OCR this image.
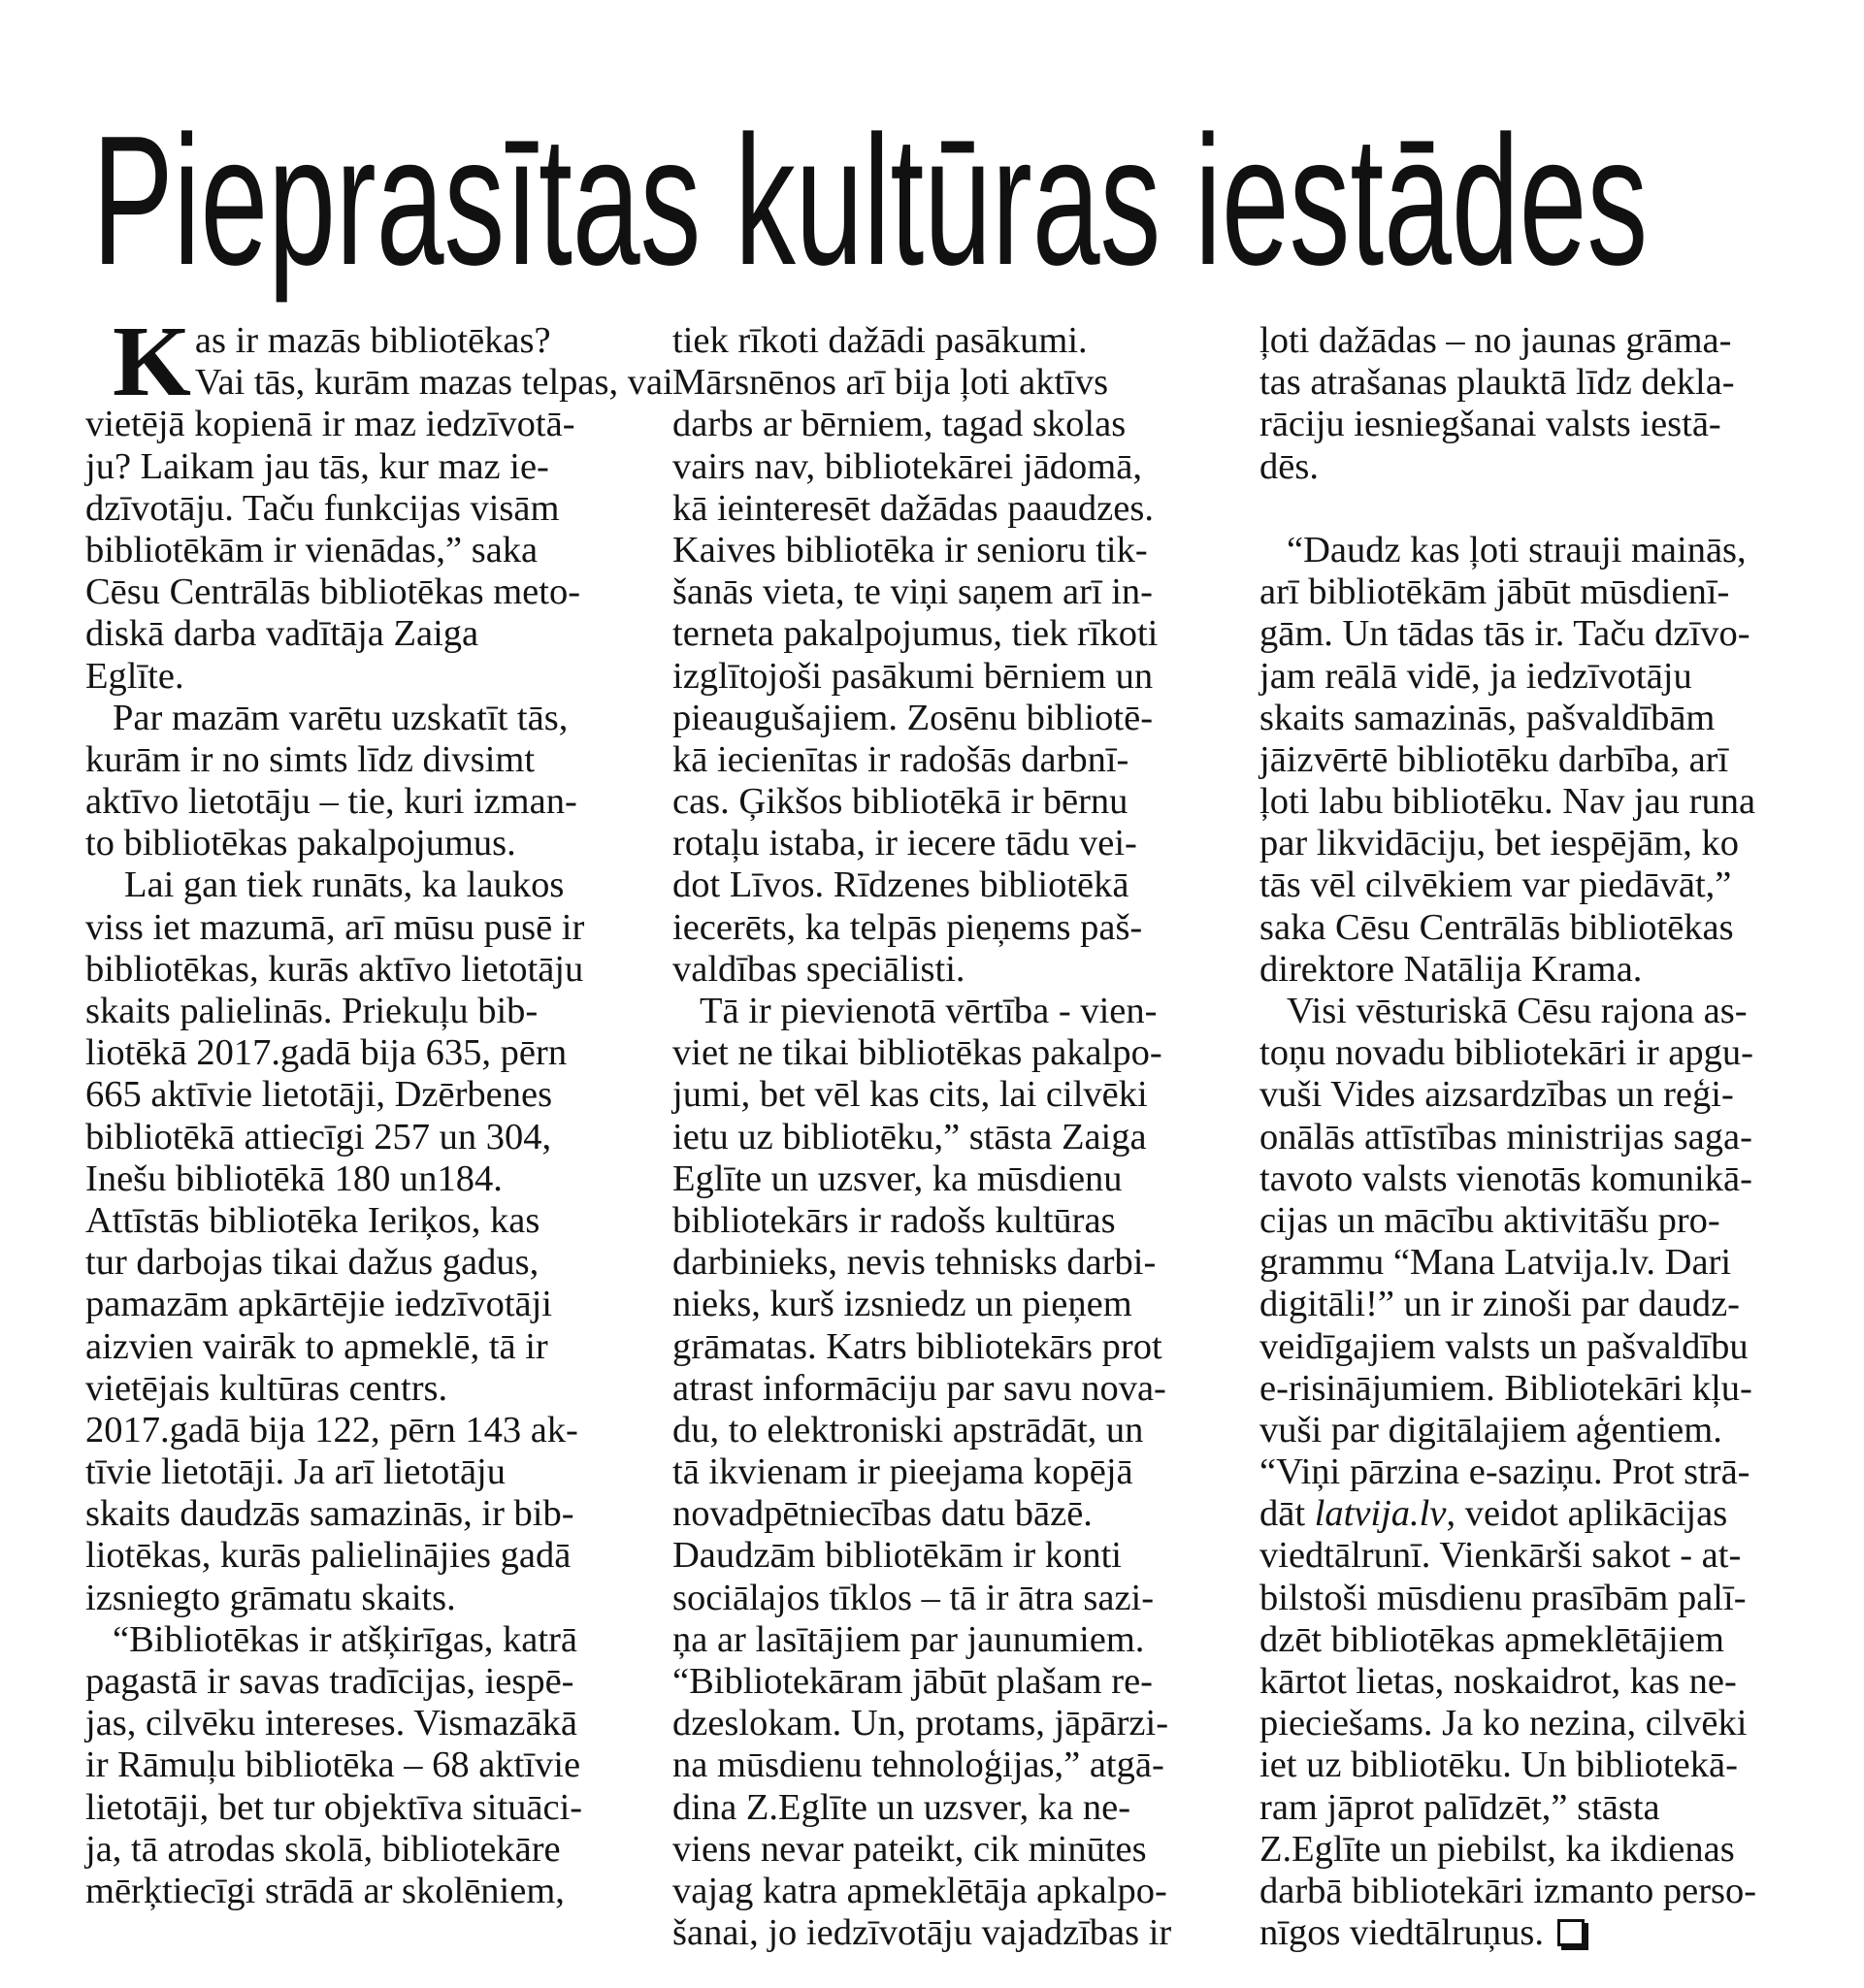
Pieprasītas kultūras iestādes
K as ir mazās bibliotēkas?
Vai tās, kurām mazas telpas, vai
vietējā kopienā ir maz iedzīvotā-
ju? Laikam jau tās, kur maz ie-
dzīvotāju. Taču funkcijas visām
bibliotēkām ir vienādas,” saka
Cēsu Centrālās bibliotēkas meto-
diskā darba vadītāja Zaiga
Eglīte.
Par mazām varētu uzskatīt tās,
kurām ir no simts līdz divsimt
aktīvo lietotāju – tie, kuri izman-
to bibliotēkas pakalpojumus.
Lai gan tiek runāts, ka laukos
viss iet mazumā, arī mūsu pusē ir
bibliotēkas, kurās aktīvo lietotāju
skaits palielinās. Priekuļu bib-
liotēkā 2017.gadā bija 635, pērn
665 aktīvie lietotāji, Dzērbenes
bibliotēkā attiecīgi 257 un 304,
Inešu bibliotēkā 180 un184.
Attīstās bibliotēka Ieriķos, kas
tur darbojas tikai dažus gadus,
pamazām apkārtējie iedzīvotāji
aizvien vairāk to apmeklē, tā ir
vietējais kultūras centrs.
2017.gadā bija 122, pērn 143 ak-
tīvie lietotāji. Ja arī lietotāju
skaits daudzās samazinās, ir bib-
liotēkas, kurās palielinājies gadā
izsniegto grāmatu skaits.
“Bibliotēkas ir atšķirīgas, katrā
pagastā ir savas tradīcijas, iespē-
jas, cilvēku intereses. Vismazākā
ir Rāmuļu bibliotēka – 68 aktīvie
lietotāji, bet tur objektīva situāci-
ja, tā atrodas skolā, bibliotekāre
mērķtiecīgi strādā ar skolēniem,
tiek rīkoti dažādi pasākumi.
Mārsnēnos arī bija ļoti aktīvs
darbs ar bērniem, tagad skolas
vairs nav, bibliotekārei jādomā,
kā ieinteresēt dažādas paaudzes.
Kaives bibliotēka ir senioru tik-
šanās vieta, te viņi saņem arī in-
terneta pakalpojumus, tiek rīkoti
izglītojoši pasākumi bērniem un
pieaugušajiem. Zosēnu bibliotē-
kā iecienītas ir radošās darbnī-
cas. Ģikšos bibliotēkā ir bērnu
rotaļu istaba, ir iecere tādu vei-
dot Līvos. Rīdzenes bibliotēkā
iecerēts, ka telpās pieņems paš-
valdības speciālisti.
Tā ir pievienotā vērtība - vien-
viet ne tikai bibliotēkas pakalpo-
jumi, bet vēl kas cits, lai cilvēki
ietu uz bibliotēku,” stāsta Zaiga
Eglīte un uzsver, ka mūsdienu
bibliotekārs ir radošs kultūras
darbinieks, nevis tehnisks darbi-
nieks, kurš izsniedz un pieņem
grāmatas. Katrs bibliotekārs prot
atrast informāciju par savu nova-
du, to elektroniski apstrādāt, un
tā ikvienam ir pieejama kopējā
novadpētniecības datu bāzē.
Daudzām bibliotēkām ir konti
sociālajos tīklos – tā ir ātra sazi-
ņa ar lasītājiem par jaunumiem.
“Bibliotekāram jābūt plašam re-
dzeslokam. Un, protams, jāpārzi-
na mūsdienu tehnoloģijas,” atgā-
dina Z.Eglīte un uzsver, ka ne-
viens nevar pateikt, cik minūtes
vajag katra apmeklētāja apkalpo-
šanai, jo iedzīvotāju vajadzības ir
ļoti dažādas – no jaunas grāma-
tas atrašanas plauktā līdz dekla-
rāciju iesniegšanai valsts iestā-
dēs.
“Daudz kas ļoti strauji mainās,
arī bibliotēkām jābūt mūsdienī-
gām. Un tādas tās ir. Taču dzīvo-
jam reālā vidē, ja iedzīvotāju
skaits samazinās, pašvaldībām
jāizvērtē bibliotēku darbība, arī
ļoti labu bibliotēku. Nav jau runa
par likvidāciju, bet iespējām, ko
tās vēl cilvēkiem var piedāvāt,”
saka Cēsu Centrālās bibliotēkas
direktore Natālija Krama.
Visi vēsturiskā Cēsu rajona as-
toņu novadu bibliotekāri ir apgu-
vuši Vides aizsardzības un reģi-
onālās attīstības ministrijas saga-
tavoto valsts vienotās komunikā-
cijas un mācību aktivitāšu pro-
grammu “Mana Latvija.lv. Dari
digitāli!” un ir zinoši par daudz-
veidīgajiem valsts un pašvaldību
e-risinājumiem. Bibliotekāri kļu-
vuši par digitālajiem aģentiem.
“Viņi pārzina e-saziņu. Prot strā-
dāt latvija.lv, veidot aplikācijas
viedtālrunī. Vienkārši sakot - at-
bilstoši mūsdienu prasībām palī-
dzēt bibliotēkas apmeklētājiem
kārtot lietas, noskaidrot, kas ne-
pieciešams. Ja ko nezina, cilvēki
iet uz bibliotēku. Un bibliotekā-
ram jāprot palīdzēt,” stāsta
Z.Eglīte un piebilst, ka ikdienas
darbā bibliotekāri izmanto perso-
nīgos viedtālruņus.
